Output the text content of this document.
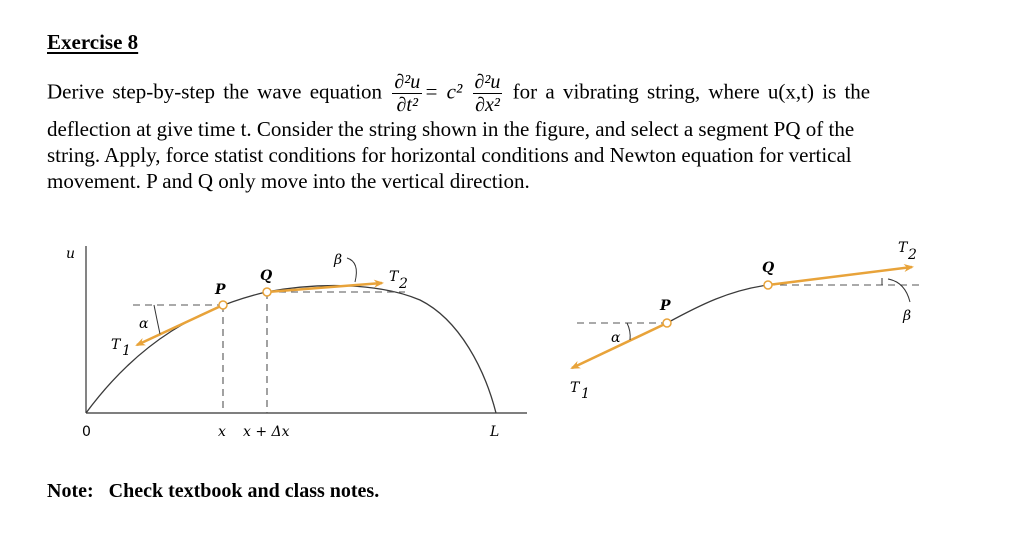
Exercise 8
Derive step-by-step the wave equation $\frac{\text{∂²u}}{\text{∂t²}} = c^2 \frac{\text{∂²u}}{\text{∂x²}}$ for a vibrating string, where u(x,t) is the
deflection at give time t. Consider the string shown in the figure, and select a segment PQ of the
string. Apply, force statist conditions for horizontal conditions and Newton equation for vertical
movement. P and Q only move into the vertical direction.
u
0	x x + Δx	L
P
Q
α
β
T 1
T 2
P
Q
α
β
T 1
T 2
Note: Check textbook and class notes.
